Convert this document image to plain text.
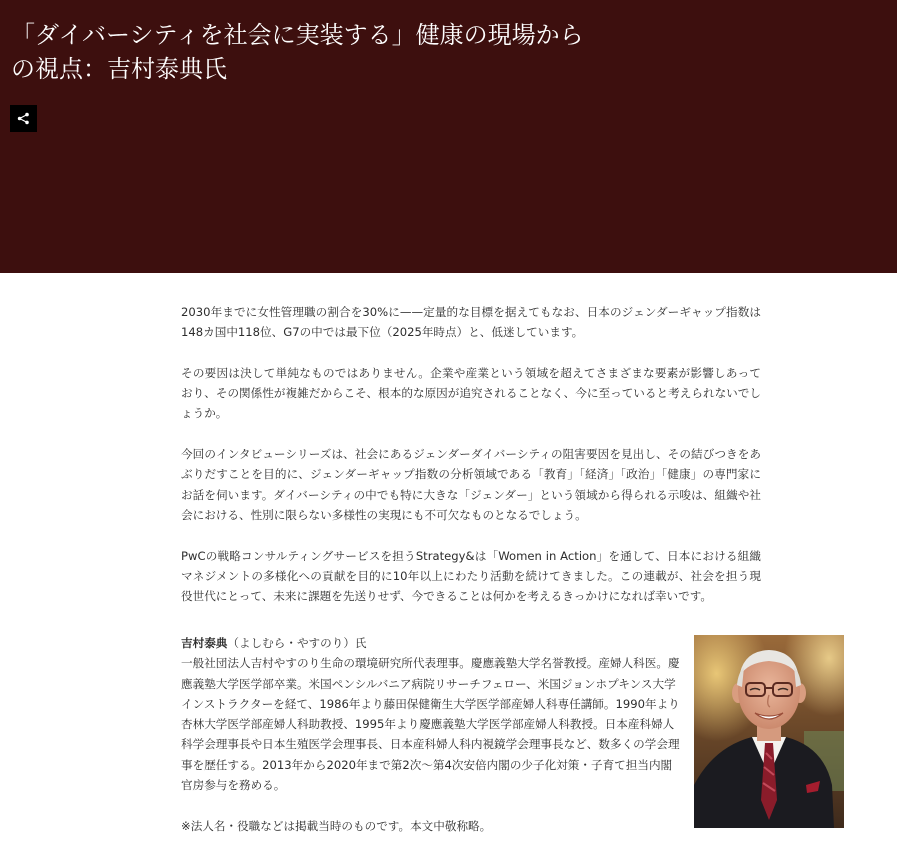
「ダイバーシティを社会に実装する」健康の現場から
の視点：吉村泰典氏

2030年までに女性管理職の割合を30%に——定量的な目標を据えてもなお、日本のジェンダーギャップ指数は148カ国中118位、G7の中では最下位（2025年時点）と、低迷しています。

その要因は決して単純なものではありません。企業や産業という領域を超えてさまざまな要素が影響しあっており、その関係性が複雑だからこそ、根本的な原因が追究されることなく、今に至っていると考えられないでしょうか。

今回のインタビューシリーズは、社会にあるジェンダーダイバーシティの阻害要因を見出し、その結びつきをあぶりだすことを目的に、ジェンダーギャップ指数の分析領域である「教育」「経済」「政治」「健康」の専門家にお話を伺います。ダイバーシティの中でも特に大きな「ジェンダー」という領域から得られる示唆は、組織や社会における、性別に限らない多様性の実現にも不可欠なものとなるでしょう。

PwCの戦略コンサルティングサービスを担うStrategy&は「Women in Action」を通して、日本における組織マネジメントの多様化への貢献を目的に10年以上にわたり活動を続けてきました。この連載が、社会を担う現役世代にとって、未来に課題を先送りせず、今できることは何かを考えるきっかけになれば幸いです。

吉村泰典（よしむら・やすのり）氏

一般社団法人吉村やすのり生命の環境研究所代表理事。慶應義塾大学名誉教授。産婦人科医。慶應義塾大学医学部卒業。米国ペンシルバニア病院リサーチフェロー、米国ジョンホプキンス大学インストラクターを経て、1986年より藤田保健衛生大学医学部産婦人科専任講師。1990年より杏林大学医学部産婦人科助教授、1995年より慶應義塾大学医学部産婦人科教授。日本産科婦人科学会理事長や日本生殖医学会理事長、日本産科婦人科内視鏡学会理事長など、数多くの学会理事を歴任する。2013年から2020年まで第2次～第4次安倍内閣の少子化対策・子育て担当内閣官房参与を務める。

※法人名・役職などは掲載当時のものです。本文中敬称略。
